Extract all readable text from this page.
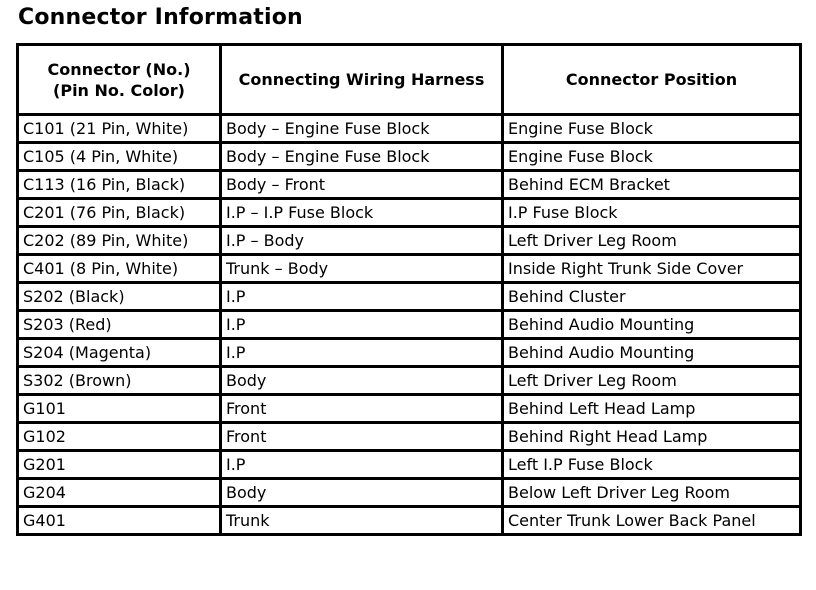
Connector Information
Connector (No.)
(Pin No. Color)	Connecting Wiring Harness	Connector Position

C101 (21 Pin, White)	Body – Engine Fuse Block	Engine Fuse Block
C105 (4 Pin, White)	Body – Engine Fuse Block	Engine Fuse Block
C113 (16 Pin, Black)	Body – Front	Behind ECM Bracket
C201 (76 Pin, Black)	I.P – I.P Fuse Block	I.P Fuse Block
C202 (89 Pin, White)	I.P – Body	Left Driver Leg Room
C401 (8 Pin, White)	Trunk – Body	Inside Right Trunk Side Cover
S202 (Black)	I.P	Behind Cluster
S203 (Red)	I.P	Behind Audio Mounting
S204 (Magenta)	I.P	Behind Audio Mounting
S302 (Brown)	Body	Left Driver Leg Room
G101	Front	Behind Left Head Lamp
G102	Front	Behind Right Head Lamp
G201	I.P	Left I.P Fuse Block
G204	Body	Below Left Driver Leg Room
G401	Trunk	Center Trunk Lower Back Panel
